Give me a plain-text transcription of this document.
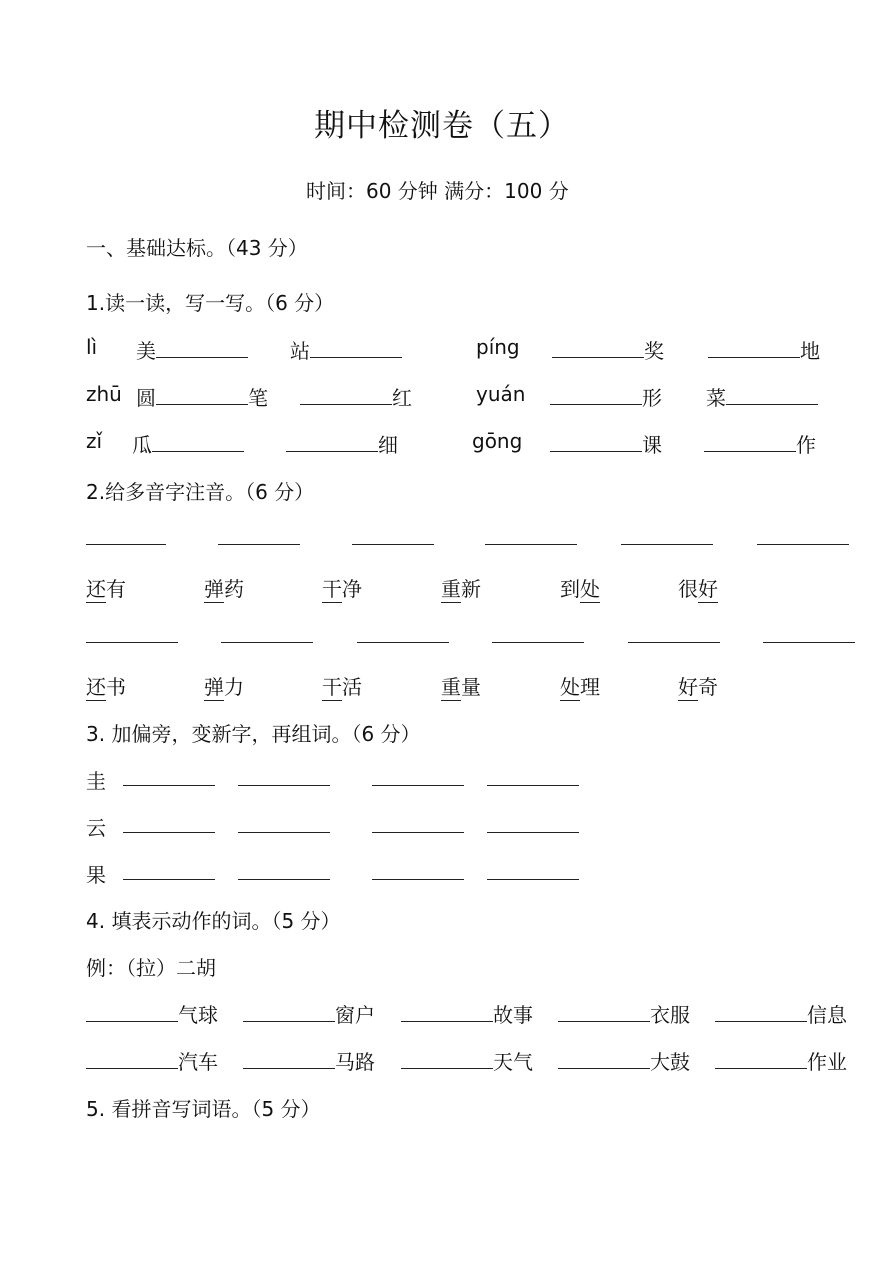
期中检测卷（五）
时间：60 分钟 满分：100 分
一、基础达标。（43 分）
1.读一读，写一写。（6 分）
lì 美	站	píng	奖	地
zhū 圆	笔	红	yuán	形 菜
zǐ 瓜	细	gōng	课	作
2.给多音字注音。（6 分）
还有	弹药	干净	重新	到处	很好
还书	弹力	干活	重量	处理	好奇
3. 加偏旁，变新字，再组词。（6 分）
圭
云
果
4. 填表示动作的词。（5 分）
例：（拉）二胡
气球	窗户	故事	衣服	信息
汽车	马路	天气	大鼓	作业
5. 看拼音写词语。（5 分）
